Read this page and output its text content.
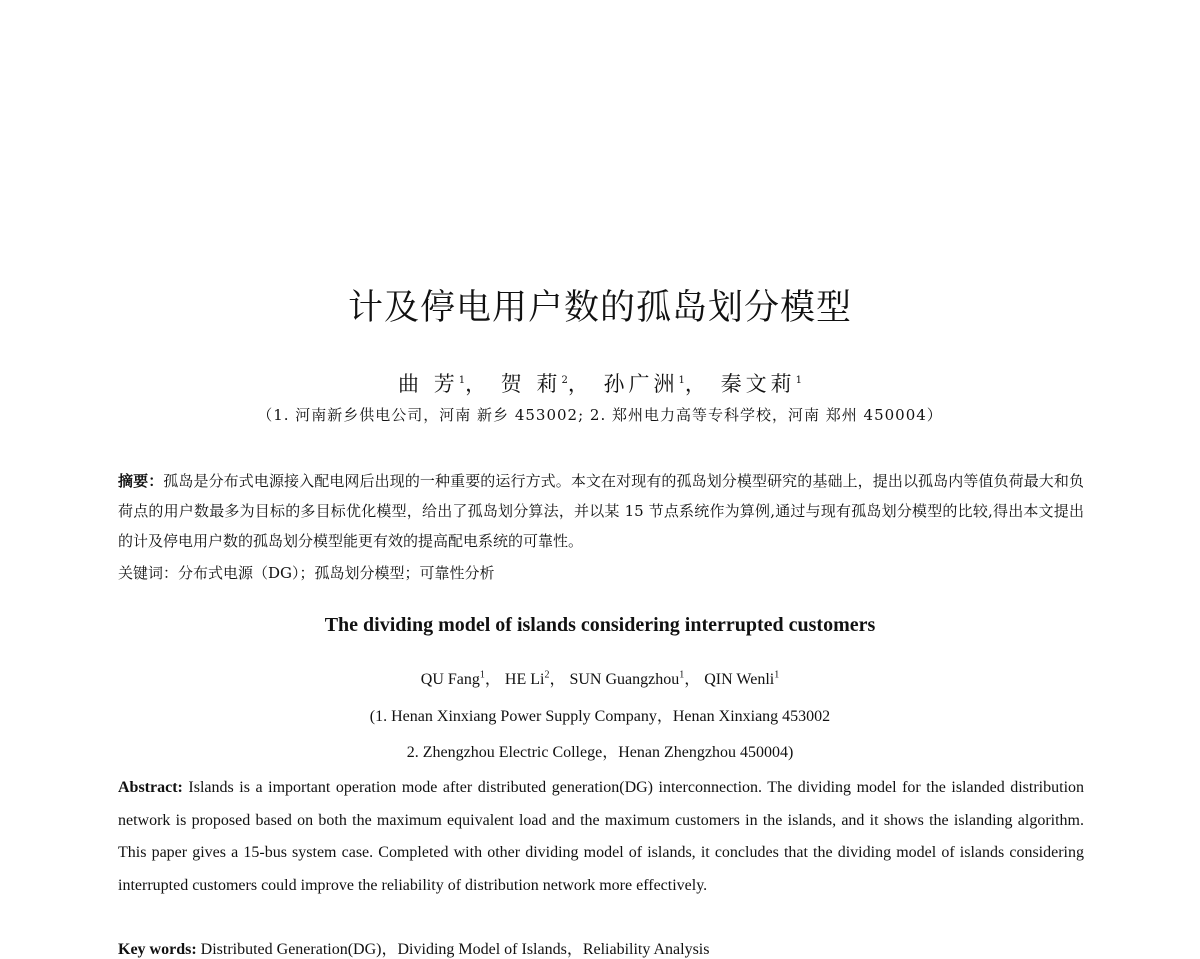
计及停电用户数的孤岛划分模型
曲 芳$^1$， 贺 莉$^2$， 孙广洲$^1$， 秦文莉$^1$
（1. 河南新乡供电公司，河南 新乡 453002; 2. 郑州电力高等专科学校，河南 郑州 450004）
摘要：孤岛是分布式电源接入配电网后出现的一种重要的运行方式。本文在对现有的孤岛划分模型研究的基础上，提出以孤岛内等值负荷最大和负荷点的用户数最多为目标的多目标优化模型，给出了孤岛划分算法，并以某 15 节点系统作为算例,通过与现有孤岛划分模型的比较,得出本文提出的计及停电用户数的孤岛划分模型能更有效的提高配电系统的可靠性。
关键词：分布式电源（DG）；孤岛划分模型；可靠性分析
The dividing model of islands considering interrupted customers
QU Fang$^1$， HE Li$^2$， SUN Guangzhou$^1$， QIN Wenli$^1$
(1. Henan Xinxiang Power Supply Company，Henan Xinxiang 453002
2. Zhengzhou Electric College，Henan Zhengzhou 450004)
Abstract: Islands is a important operation mode after distributed generation(DG) interconnection. The dividing model for the islanded distribution network is proposed based on both the maximum equivalent load and the maximum customers in the islands, and it shows the islanding algorithm. This paper gives a 15-bus system case. Completed with other dividing model of islands, it concludes that the dividing model of islands considering interrupted customers could improve the reliability of distribution network more effectively.
Key words: Distributed Generation(DG)，Dividing Model of Islands，Reliability Analysis
